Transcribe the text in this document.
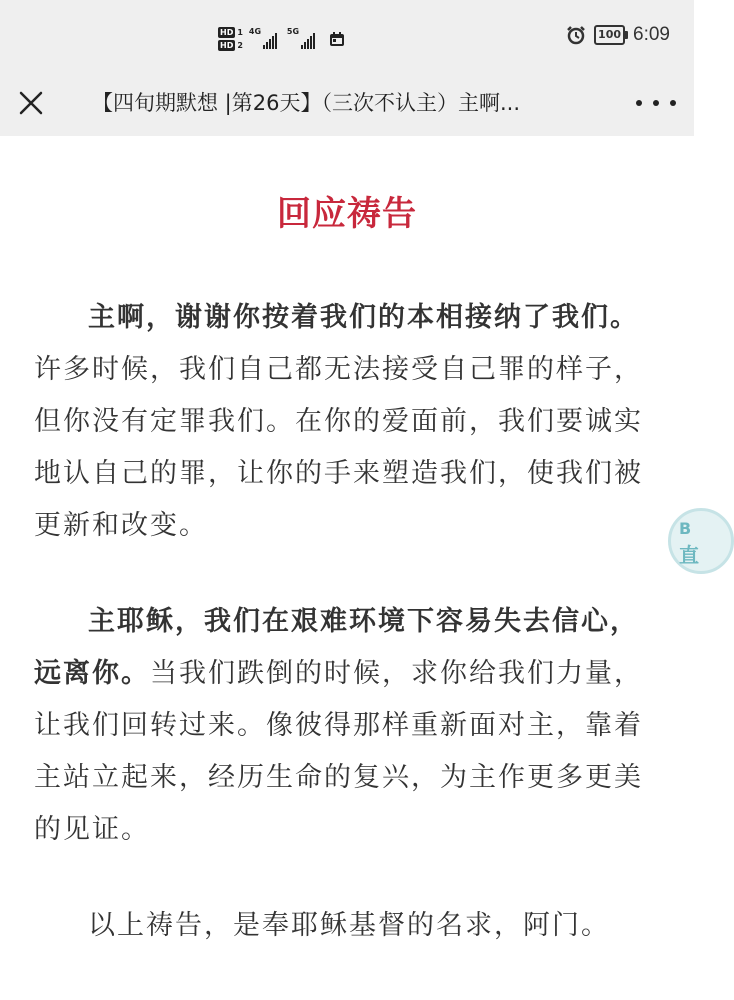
HD 1
HD 2
4G	5G	100 6:09
【四旬期默想 |第26天】（三次不认主）主啊...
回应祷告

主啊，谢谢你按着我们的本相接纳了我们。许多时候，我们自己都无法接受自己罪的样子，但你没有定罪我们。在你的爱面前，我们要诚实地认自己的罪，让你的手来塑造我们，使我们被更新和改变。

主耶稣，我们在艰难环境下容易失去信心，远离你。当我们跌倒的时候，求你给我们力量，让我们回转过来。像彼得那样重新面对主，靠着主站立起来，经历生命的复兴，为主作更多更美的见证。

以上祷告，是奉耶稣基督的名求，阿门。

B
直
